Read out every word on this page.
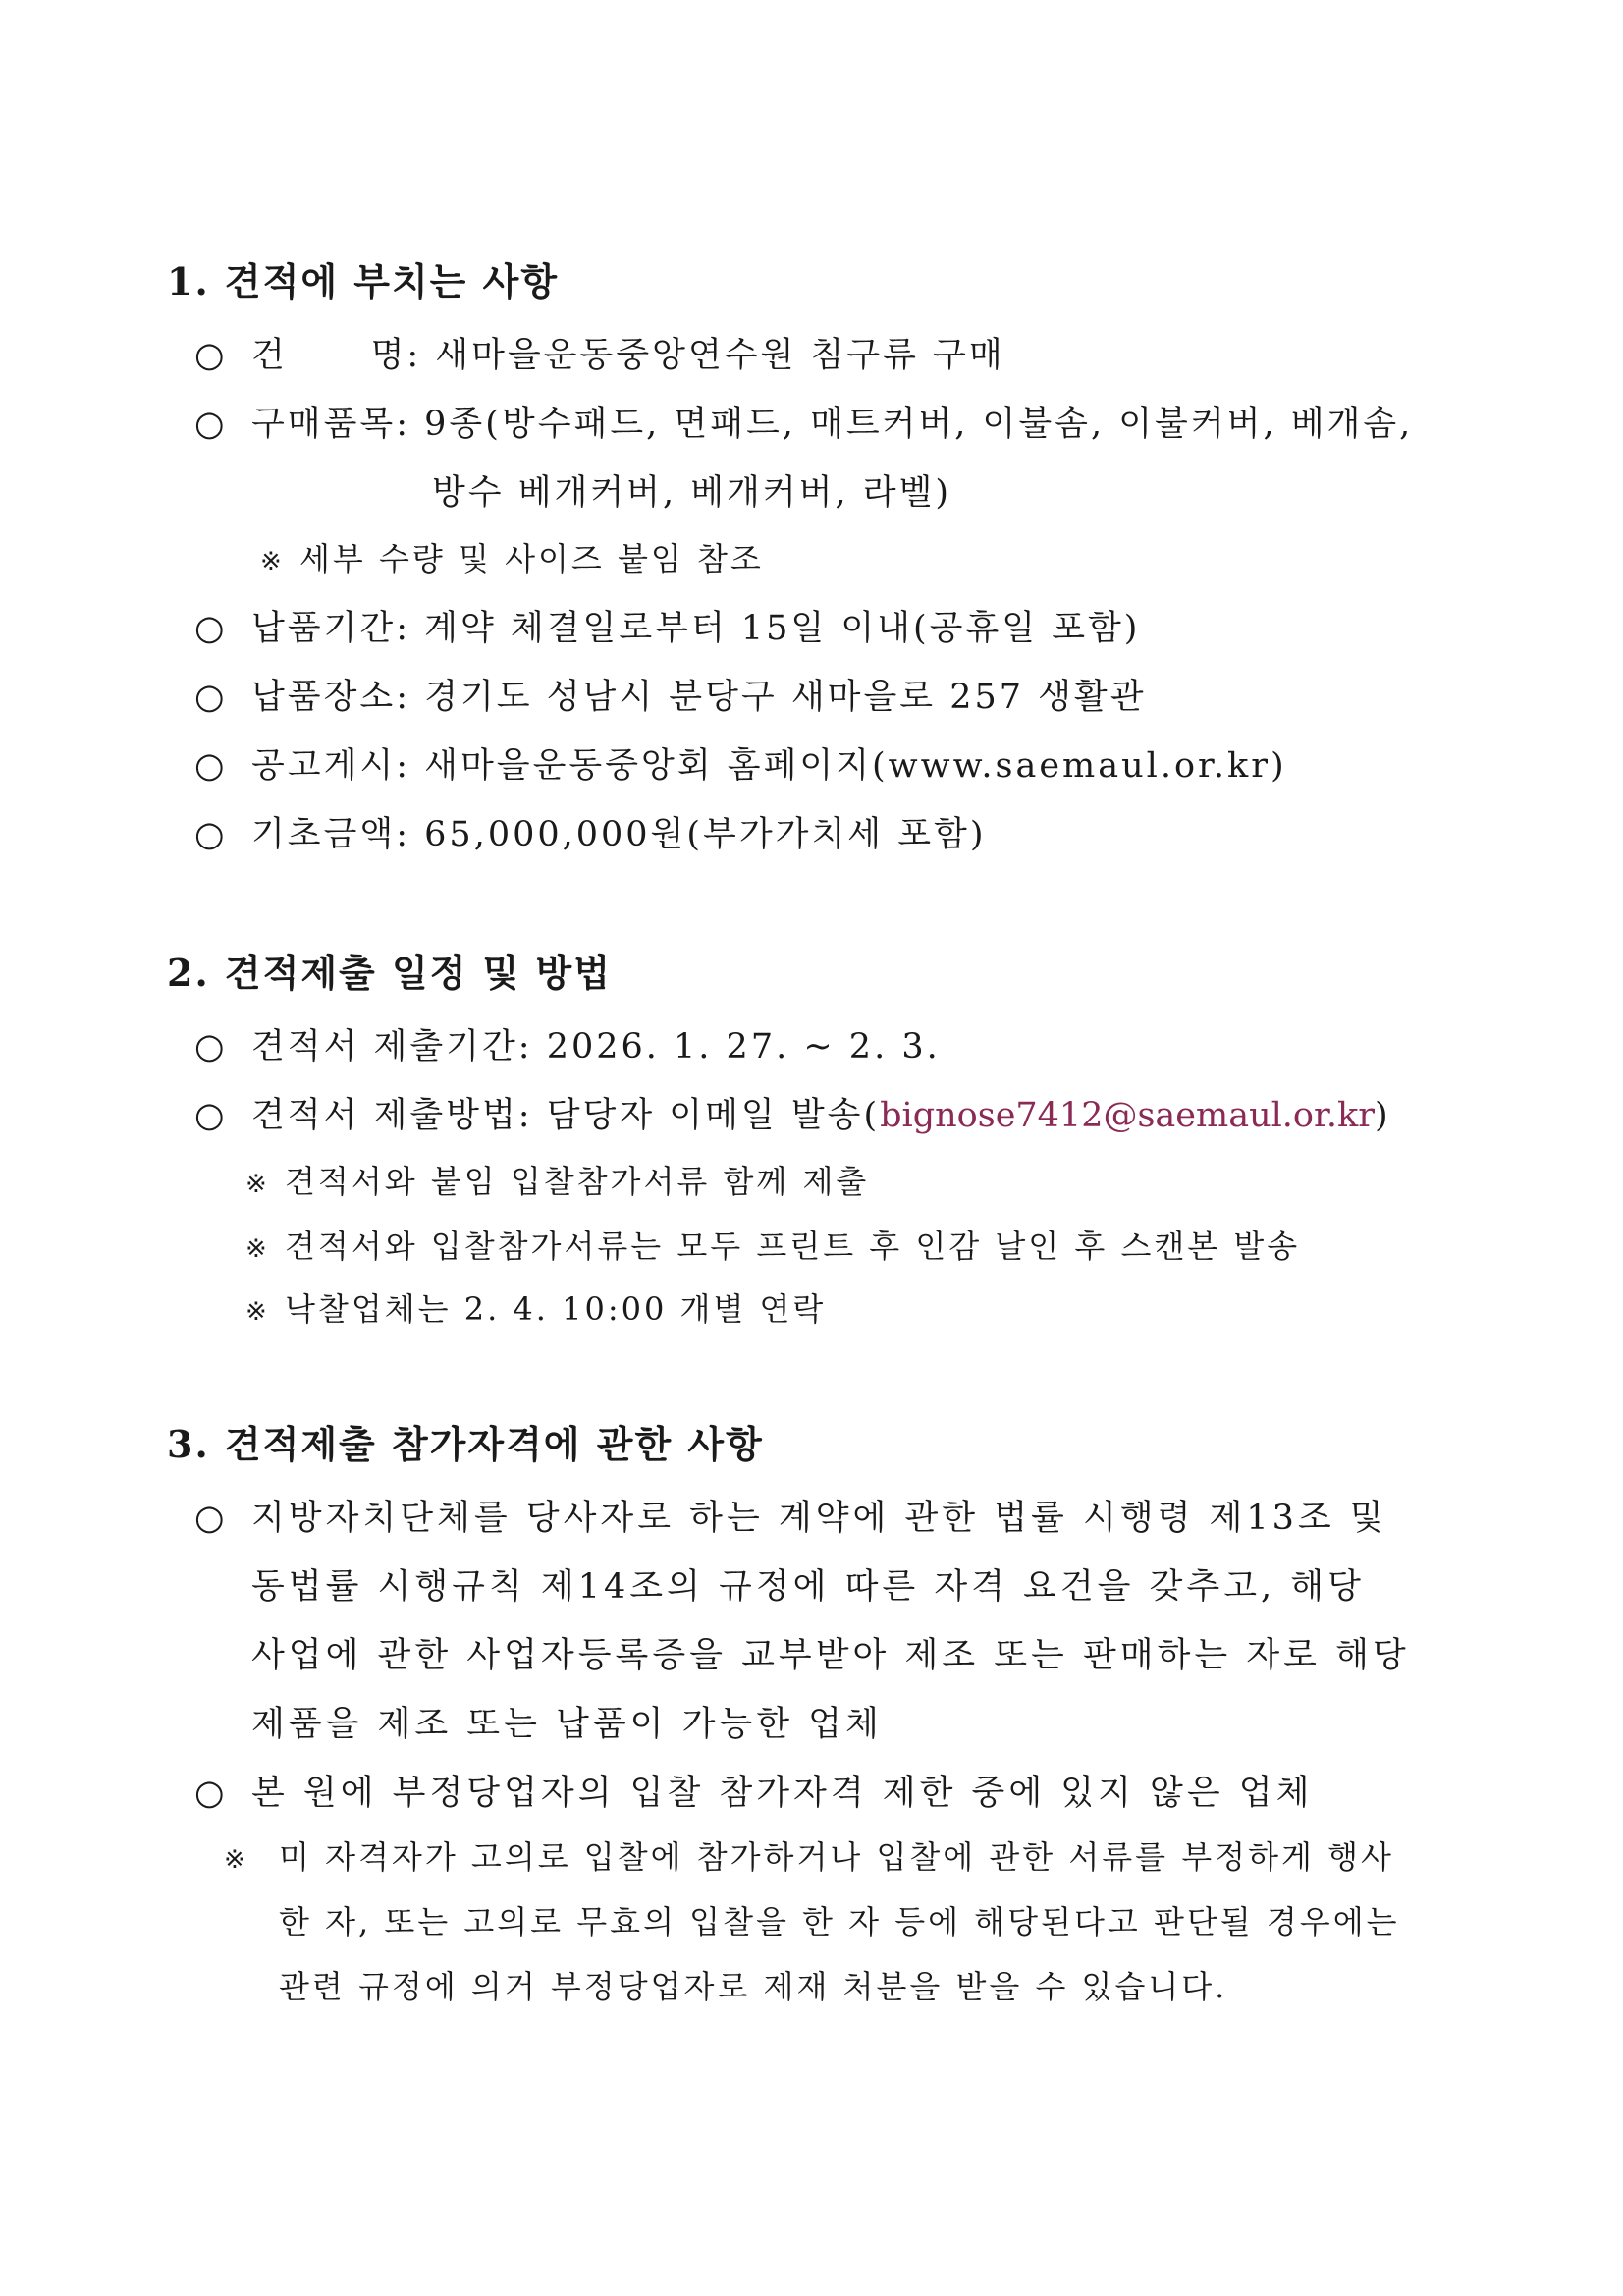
1. 견적에 부치는 사항
○ 건      명: 새마을운동중앙연수원 침구류 구매
○ 구매품목: 9종(방수패드, 면패드, 매트커버, 이불솜, 이불커버, 베개솜,
방수 베개커버, 베개커버, 라벨)
※ 세부 수량 및 사이즈 붙임 참조
○ 납품기간: 계약 체결일로부터 15일 이내(공휴일 포함)
○ 납품장소: 경기도 성남시 분당구 새마을로 257 생활관
○ 공고게시: 새마을운동중앙회 홈페이지(www.saemaul.or.kr)
○ 기초금액: 65,000,000원(부가가치세 포함)
2. 견적제출 일정 및 방법
○ 견적서 제출기간: 2026. 1. 27. ~ 2. 3.
○ 견적서 제출방법: 담당자 이메일 발송(bignose7412@saemaul.or.kr)
※ 견적서와 붙임 입찰참가서류 함께 제출
※ 견적서와 입찰참가서류는 모두 프린트 후 인감 날인 후 스캔본 발송
※ 낙찰업체는 2. 4. 10:00 개별 연락
3. 견적제출 참가자격에 관한 사항
○ 지방자치단체를 당사자로 하는 계약에 관한 법률 시행령 제13조 및
동법률 시행규칙 제14조의 규정에 따른 자격 요건을 갖추고, 해당
사업에 관한 사업자등록증을 교부받아 제조 또는 판매하는 자로 해당
제품을 제조 또는 납품이 가능한 업체
○ 본 원에 부정당업자의 입찰 참가자격 제한 중에 있지 않은 업체
※ 미 자격자가 고의로 입찰에 참가하거나 입찰에 관한 서류를 부정하게 행사
한 자, 또는 고의로 무효의 입찰을 한 자 등에 해당된다고 판단될 경우에는
관련 규정에 의거 부정당업자로 제재 처분을 받을 수 있습니다.
